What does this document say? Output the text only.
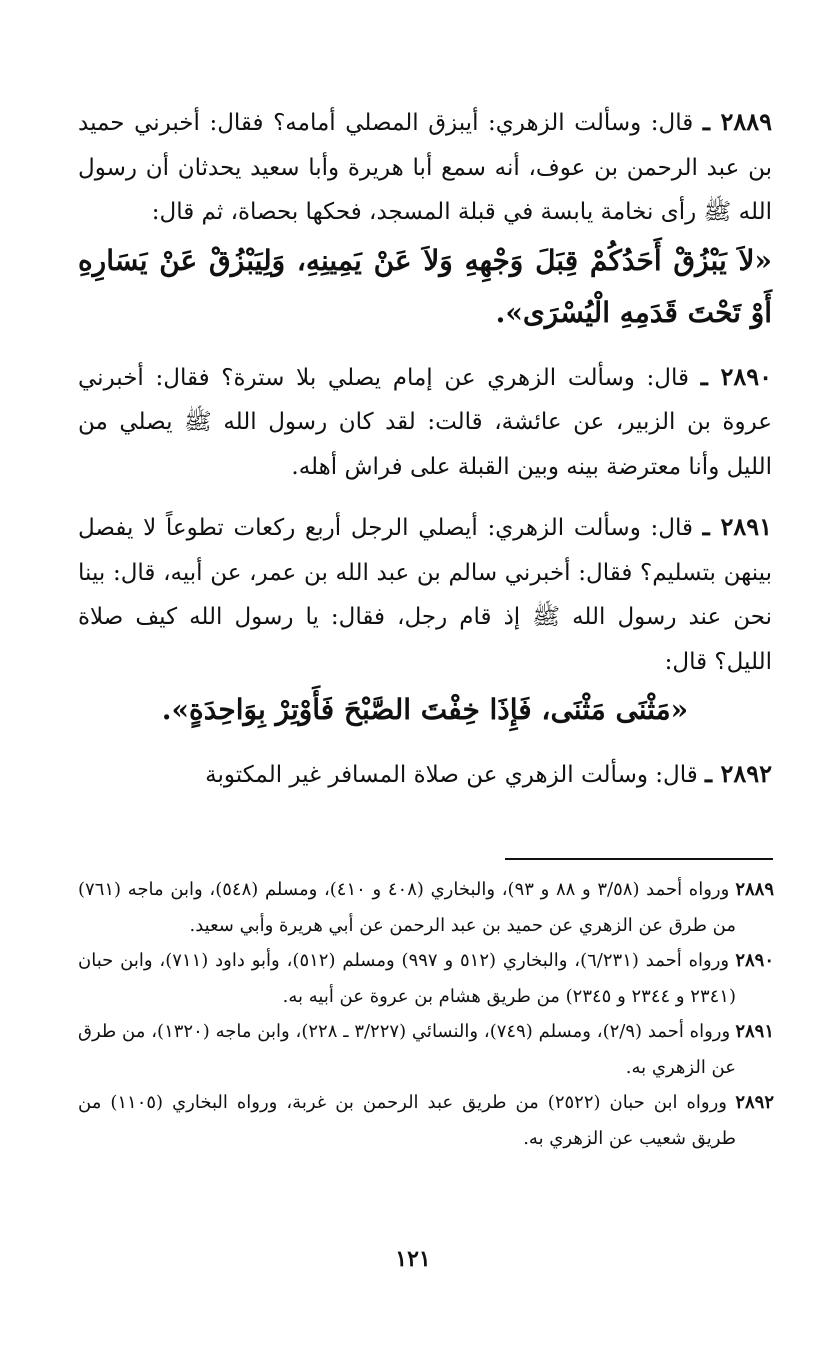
٢٨٨٩ ـ قال: وسألت الزهري: أيبزق المصلي أمامه؟ فقال: أخبرني حميد بن عبد الرحمن بن عوف، أنه سمع أبا هريرة وأبا سعيد يحدثان أن رسول الله ﷺ رأى نخامة يابسة في قبلة المسجد، فحكها بحصاة، ثم قال:

«لاَ يَبْزُقْ أَحَدُكُمْ قِبَلَ وَجْهِهِ وَلاَ عَنْ يَمِينِهِ، وَلِيَبْزُقْ عَنْ يَسَارِهِ أَوْ تَحْتَ قَدَمِهِ الْيُسْرَى».

٢٨٩٠ ـ قال: وسألت الزهري عن إمام يصلي بلا سترة؟ فقال: أخبرني عروة بن الزبير، عن عائشة، قالت: لقد كان رسول الله ﷺ يصلي من الليل وأنا معترضة بينه وبين القبلة على فراش أهله.

٢٨٩١ ـ قال: وسألت الزهري: أيصلي الرجل أربع ركعات تطوعاً لا يفصل بينهن بتسليم؟ فقال: أخبرني سالم بن عبد الله بن عمر، عن أبيه، قال: بينا نحن عند رسول الله ﷺ إذ قام رجل، فقال: يا رسول الله كيف صلاة الليل؟ قال:

«مَثْنَى مَثْنَى، فَإِذَا خِفْتَ الصَّبْحَ فَأَوْتِرْ بِوَاحِدَةٍ».

٢٨٩٢ ـ قال: وسألت الزهري عن صلاة المسافر غير المكتوبة

٢٨٨٩ ورواه أحمد (٣/٥٨ و ٨٨ و ٩٣)، والبخاري (٤٠٨ و ٤١٠)، ومسلم (٥٤٨)، وابن ماجه (٧٦١) من طرق عن الزهري عن حميد بن عبد الرحمن عن أبي هريرة وأبي سعيد.

٢٨٩٠ ورواه أحمد (٦/٢٣١)، والبخاري (٥١٢ و ٩٩٧) ومسلم (٥١٢)، وأبو داود (٧١١)، وابن حبان (٢٣٤١ و ٢٣٤٤ و ٢٣٤٥) من طريق هشام بن عروة عن أبيه به.

٢٨٩١ ورواه أحمد (٢/٩)، ومسلم (٧٤٩)، والنسائي (٣/٢٢٧ ـ ٢٢٨)، وابن ماجه (١٣٢٠)، من طرق عن الزهري به.

٢٨٩٢ ورواه ابن حبان (٢٥٢٢) من طريق عبد الرحمن بن غربة، ورواه البخاري (١١٠٥) من طريق شعيب عن الزهري به.

١٢١
